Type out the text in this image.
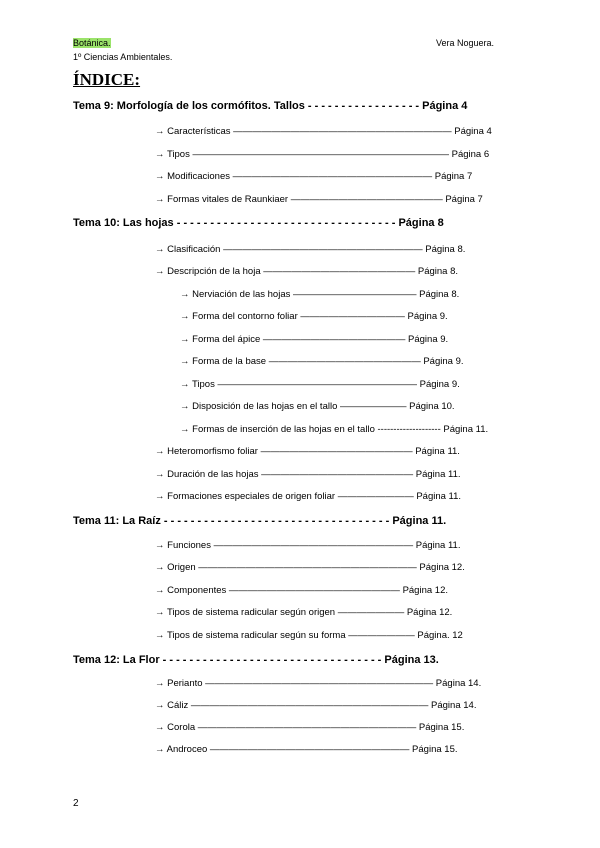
Botánica.
1º Ciencias Ambientales.
Vera Noguera.
ÍNDICE:
Tema 9: Morfología de los cormófitos. Tallos - - - - - - - - - - - - - - - - - Página 4
→ Características ——————————————————————— Página 4
→ Tipos ——————————————————————————— Página 6
→ Modificaciones ————————————————————— Página 7
→ Formas vitales de Raunkiaer ———————————————— Página 7
Tema 10: Las hojas - - - - - - - - - - - - - - - - - - - - - - - - - - - - - - - - - Página 8
→ Clasificación ————————————————————— Página 8.
→ Descripción de la hoja ———————————————— Página 8.
→ Nerviación de las hojas ————————————— Página 8.
→ Forma del contorno foliar ——————————— Página 9.
→ Forma del ápice ——————————————— Página 9.
→ Forma de la base ———————————————— Página 9.
→ Tipos ————————————————————— Página 9.
→ Disposición de las hojas en el tallo ——————— Página 10.
→ Formas de inserción de las hojas en el tallo -------------------- Página 11.
→ Heteromorfismo foliar ———————————————— Página 11.
→ Duración de las hojas ———————————————— Página 11.
→ Formaciones especiales de origen foliar ———————— Página 11.
Tema 11: La Raíz - - - - - - - - - - - - - - - - - - - - - - - - - - - - - - - - - - Página 11.
→ Funciones ————————————————————— Página 11.
→ Origen ——————————————————————— Página 12.
→ Componentes —————————————————— Página 12.
→ Tipos de sistema radicular según origen ——————— Página 12.
→ Tipos de sistema radicular según su forma ——————— Página. 12
Tema 12: La Flor - - - - - - - - - - - - - - - - - - - - - - - - - - - - - - - - - Página 13.
→ Perianto ———————————————————————— Página 14.
→ Cáliz ————————————————————————— Página 14.
→ Corola ——————————————————————— Página 15.
→ Androceo ————————————————————— Página 15.
2
